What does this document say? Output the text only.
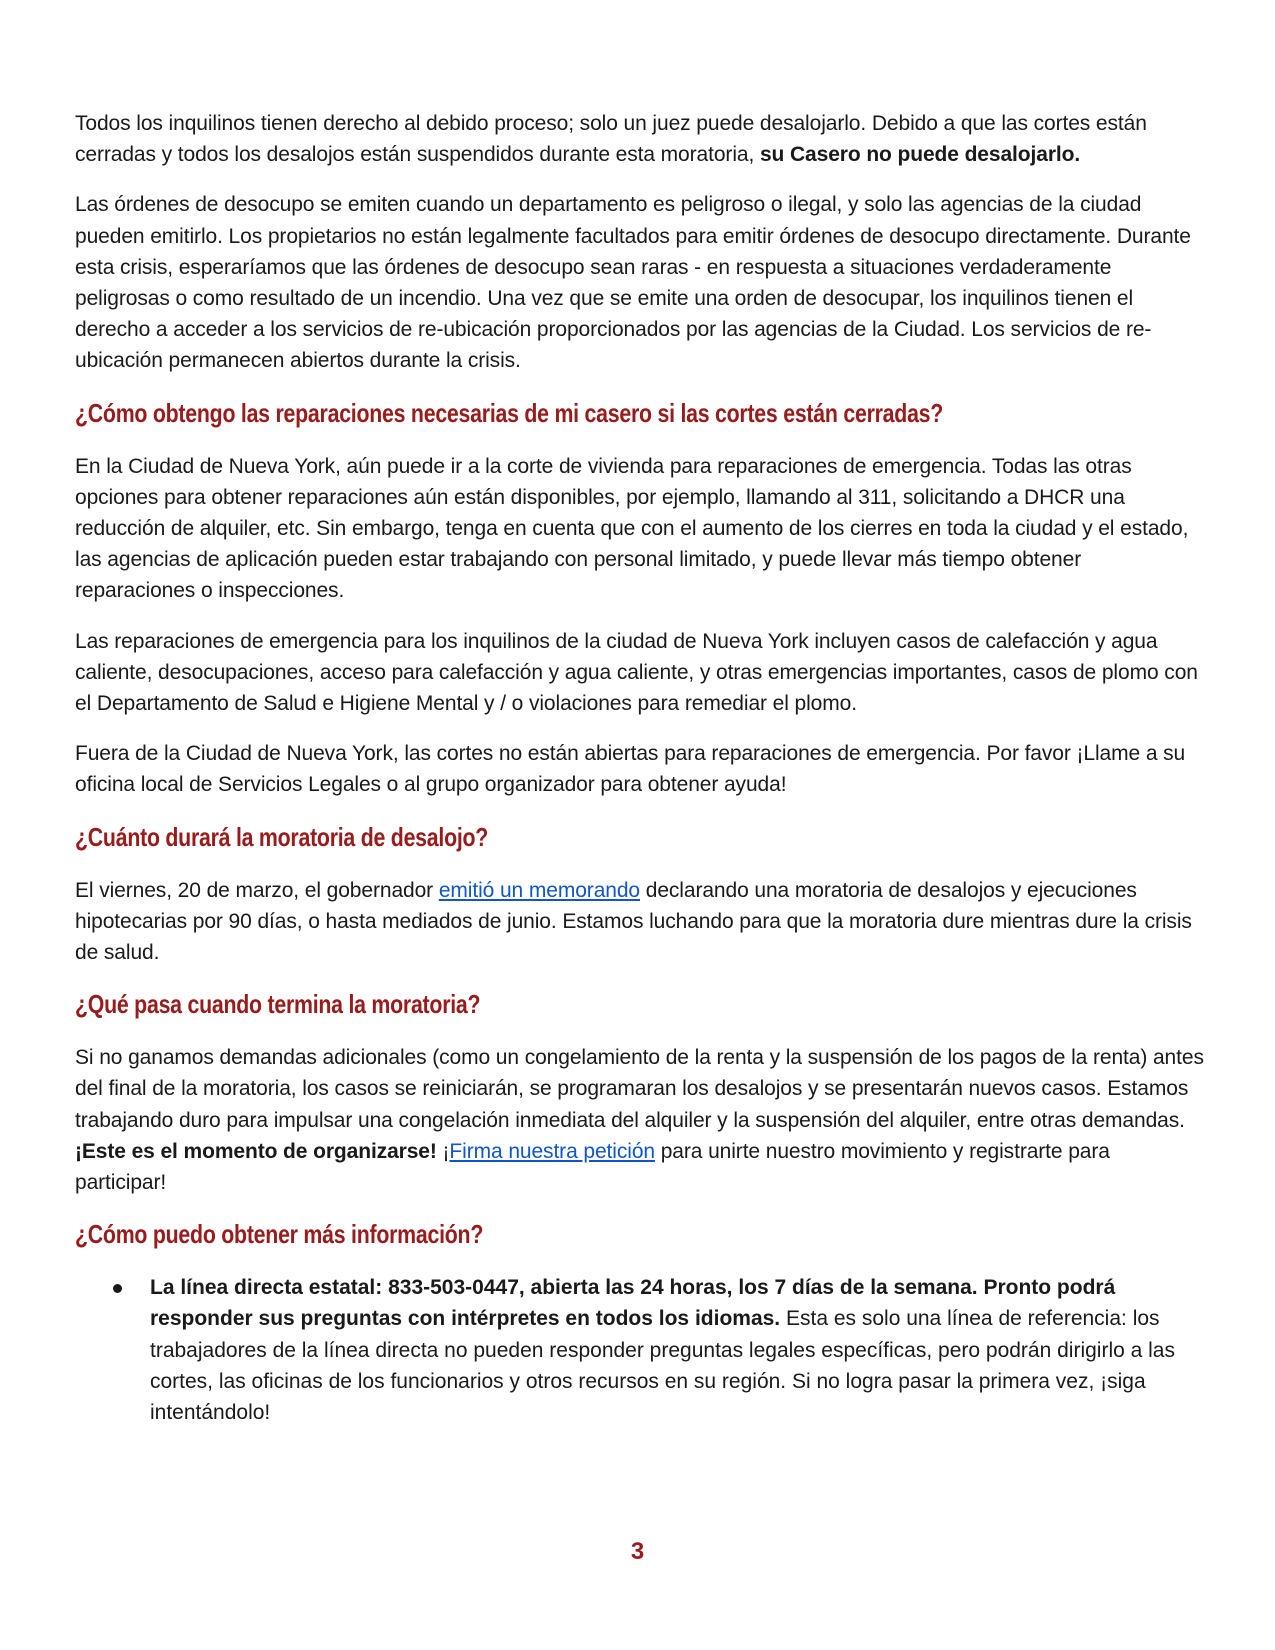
Todos los inquilinos tienen derecho al debido proceso; solo un juez puede desalojarlo. Debido a que las cortes están cerradas y todos los desalojos están suspendidos durante esta moratoria, su Casero no puede desalojarlo.

Las órdenes de desocupo se emiten cuando un departamento es peligroso o ilegal, y solo las agencias de la ciudad pueden emitirlo. Los propietarios no están legalmente facultados para emitir órdenes de desocupo directamente. Durante esta crisis, esperaríamos que las órdenes de desocupo sean raras - en respuesta a situaciones verdaderamente peligrosas o como resultado de un incendio. Una vez que se emite una orden de desocupar, los inquilinos tienen el derecho a acceder a los servicios de re-ubicación proporcionados por las agencias de la Ciudad. Los servicios de re-ubicación permanecen abiertos durante la crisis.

¿Cómo obtengo las reparaciones necesarias de mi casero si las cortes están cerradas?

En la Ciudad de Nueva York, aún puede ir a la corte de vivienda para reparaciones de emergencia. Todas las otras opciones para obtener reparaciones aún están disponibles, por ejemplo, llamando al 311, solicitando a DHCR una reducción de alquiler, etc. Sin embargo, tenga en cuenta que con el aumento de los cierres en toda la ciudad y el estado, las agencias de aplicación pueden estar trabajando con personal limitado, y puede llevar más tiempo obtener reparaciones o inspecciones.

Las reparaciones de emergencia para los inquilinos de la ciudad de Nueva York incluyen casos de calefacción y agua caliente, desocupaciones, acceso para calefacción y agua caliente, y otras emergencias importantes, casos de plomo con el Departamento de Salud e Higiene Mental y / o violaciones para remediar el plomo.

Fuera de la Ciudad de Nueva York, las cortes no están abiertas para reparaciones de emergencia. Por favor ¡Llame a su oficina local de Servicios Legales o al grupo organizador para obtener ayuda!

¿Cuánto durará la moratoria de desalojo?

El viernes, 20 de marzo, el gobernador emitió un memorando declarando una moratoria de desalojos y ejecuciones hipotecarias por 90 días, o hasta mediados de junio. Estamos luchando para que la moratoria dure mientras dure la crisis de salud.

¿Qué pasa cuando termina la moratoria?

Si no ganamos demandas adicionales (como un congelamiento de la renta y la suspensión de los pagos de la renta) antes del final de la moratoria, los casos se reiniciarán, se programaran los desalojos y se presentarán nuevos casos. Estamos trabajando duro para impulsar una congelación inmediata del alquiler y la suspensión del alquiler, entre otras demandas. ¡Este es el momento de organizarse! ¡Firma nuestra petición para unirte nuestro movimiento y registrarte para participar!

¿Cómo puedo obtener más información?
La línea directa estatal: 833-503-0447, abierta las 24 horas, los 7 días de la semana. Pronto podrá responder sus preguntas con intérpretes en todos los idiomas. Esta es solo una línea de referencia: los trabajadores de la línea directa no pueden responder preguntas legales específicas, pero podrán dirigirlo a las cortes, las oficinas de los funcionarios y otros recursos en su región. Si no logra pasar la primera vez, ¡siga intentándolo!
3
